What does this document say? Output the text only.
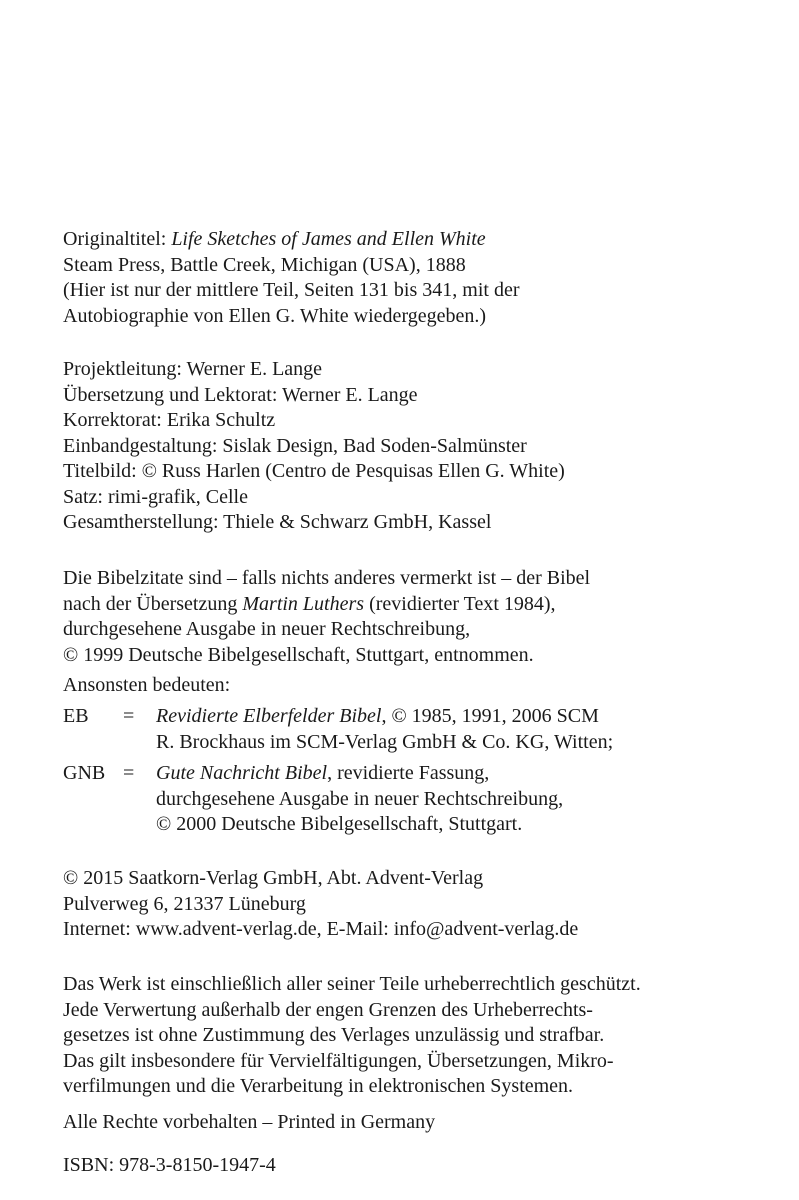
Originaltitel: Life Sketches of James and Ellen White
Steam Press, Battle Creek, Michigan (USA), 1888
(Hier ist nur der mittlere Teil, Seiten 131 bis 341, mit der
Autobiographie von Ellen G. White wiedergegeben.)
Projektleitung: Werner E. Lange
Übersetzung und Lektorat: Werner E. Lange
Korrektorat: Erika Schultz
Einbandgestaltung: Sislak Design, Bad Soden-Salmünster
Titelbild: © Russ Harlen (Centro de Pesquisas Ellen G. White)
Satz: rimi-grafik, Celle
Gesamtherstellung: Thiele & Schwarz GmbH, Kassel
Die Bibelzitate sind – falls nichts anderes vermerkt ist – der Bibel
nach der Übersetzung Martin Luthers (revidierter Text 1984),
durchgesehene Ausgabe in neuer Rechtschreibung,
© 1999 Deutsche Bibelgesellschaft, Stuttgart, entnommen.
Ansonsten bedeuten:
EB	=	Revidierte Elberfelder Bibel, © 1985, 1991, 2006 SCM
R. Brockhaus im SCM-Verlag GmbH & Co. KG, Witten;
GNB =	Gute Nachricht Bibel, revidierte Fassung,
durchgesehene Ausgabe in neuer Rechtschreibung,
© 2000 Deutsche Bibelgesellschaft, Stuttgart.
© 2015 Saatkorn-Verlag GmbH, Abt. Advent-Verlag
Pulverweg 6, 21337 Lüneburg
Internet: www.advent-verlag.de, E-Mail: info@advent-verlag.de
Das Werk ist einschließlich aller seiner Teile urheberrechtlich geschützt.
Jede Verwertung außerhalb der engen Grenzen des Urheberrechts-
gesetzes ist ohne Zustimmung des Verlages unzulässig und strafbar.
Das gilt insbesondere für Vervielfältigungen, Übersetzungen, Mikro-
verfilmungen und die Verarbeitung in elektronischen Systemen.
Alle Rechte vorbehalten – Printed in Germany
ISBN: 978-3-8150-1947-4
